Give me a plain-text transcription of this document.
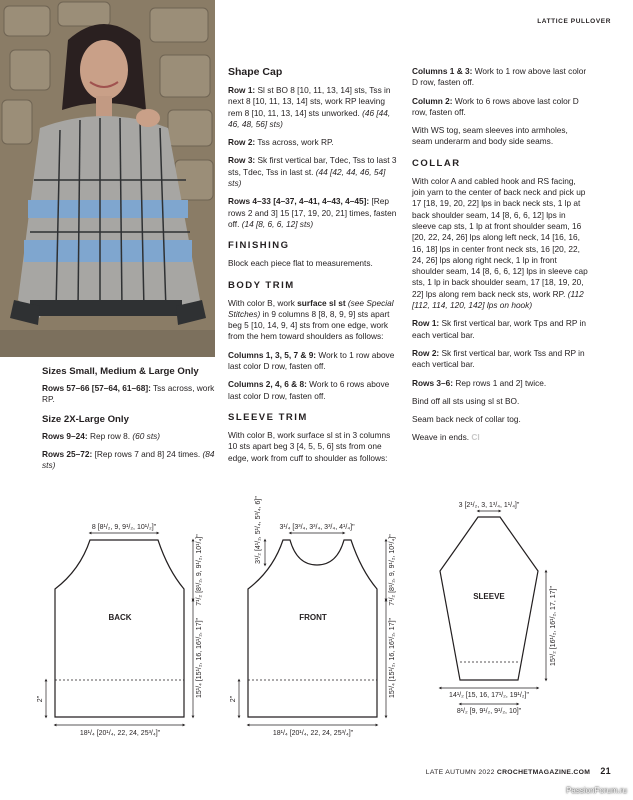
LATTICE PULLOVER
Sizes Small, Medium & Large Only

Rows 57–66 [57–64, 61–68]: Tss across, work RP.

Size 2X-Large Only

Rows 9–24: Rep row 8. (60 sts)

Rows 25–72: [Rep rows 7 and 8] 24 times. (84 sts)

Shape Cap

Row 1: Sl st BO 8 [10, 11, 13, 14] sts, Tss in next 8 [10, 11, 13, 14] sts, work RP leaving rem 8 [10, 11, 13, 14] sts unworked. (46 [44, 46, 48, 56] sts)

Row 2: Tss across, work RP.

Row 3: Sk first vertical bar, Tdec, Tss to last 3 sts, Tdec, Tss in last st. (44 [42, 44, 46, 54] sts)

Rows 4–33 [4–37, 4–41, 4–43, 4–45]: [Rep rows 2 and 3] 15 [17, 19, 20, 21] times, fasten off. (14 [8, 6, 6, 12] sts)

FINISHING

Block each piece flat to measurements.

BODY TRIM

With color B, work surface sl st (see Special Stitches) in 9 columns 8 [8, 8, 9, 9] sts apart beg 5 [10, 14, 9, 4] sts from one edge, work from the hem toward shoulders as follows:

Columns 1, 3, 5, 7 & 9: Work to 1 row above last color D row, fasten off.

Columns 2, 4, 6 & 8: Work to 6 rows above last color D row, fasten off.

SLEEVE TRIM

With color B, work surface sl st in 3 columns 10 sts apart beg 3 [4, 5, 5, 6] sts from one edge, work from cuff to shoulder as follows:

Columns 1 & 3: Work to 1 row above last color D row, fasten off.

Column 2: Work to 6 rows above last color D row, fasten off.

With WS tog, seam sleeves into armholes, seam underarm and body side seams.

COLLAR

With color A and cabled hook and RS facing, join yarn to the center of back neck and pick up 17 [18, 19, 20, 22] lps in back neck sts, 1 lp at back shoulder seam, 14 [8, 6, 6, 12] lps in sleeve cap sts, 1 lp at front shoulder seam, 16 [20, 22, 24, 26] lps along left neck, 14 [16, 16, 16, 18] lps in center front neck sts, 16 [20, 22, 24, 26] lps along right neck, 1 lp in front shoulder seam, 14 [8, 6, 6, 12] lps in sleeve cap sts, 1 lp in back shoulder seam, 17 [18, 19, 20, 22] lps along rem back neck sts, work RP. (112 [112, 114, 120, 142] lps on hook)

Row 1: Sk first vertical bar, work Tps and RP in each vertical bar.

Row 2: Sk first vertical bar, work Tss and RP in each vertical bar.

Rows 3–6: Rep rows 1 and 2] twice.

Bind off all sts using sl st BO.

Seam back neck of collar tog.

Weave in ends. CI

BACK
8 [8¹/₂, 9, 9¹/₂, 10¹/₂]"
7¹/₂ [8¹/₂, 9, 9¹/₂, 10¹/₄]"
15¹/₄ [15¹/₂, 16, 16¹/₂, 17]"
2"
18¹/₄ [20¹/₄, 22, 24, 25³/₄]"
FRONT
3¹/₄ [3³/₄, 3³/₄, 3³/₄, 4¹/₄]"
3¹/₂ [4¹/₂, 5¹/₄, 5³/₄, 6]"
7¹/₂ [8¹/₂, 9, 9¹/₂, 10¹/₄]"
15¹/₄ [15¹/₂, 16, 16¹/₂, 17]"
2"
18¹/₄ [20¹/₄, 22, 24, 25³/₄]"
SLEEVE
3 [2¹/₂, 3, 1³/₄, 1¹/₄]"
15¹/₂ [16¹/₂, 16¹/₂, 17, 17]"
14¹/₂ [15, 16, 17¹/₂, 19¹/₂]"
8¹/₂ [9, 9¹/₂, 9¹/₂, 10]"
LATE AUTUMN 2022 CROCHETMAGAZINE.COM 21
PassionForum.ru
